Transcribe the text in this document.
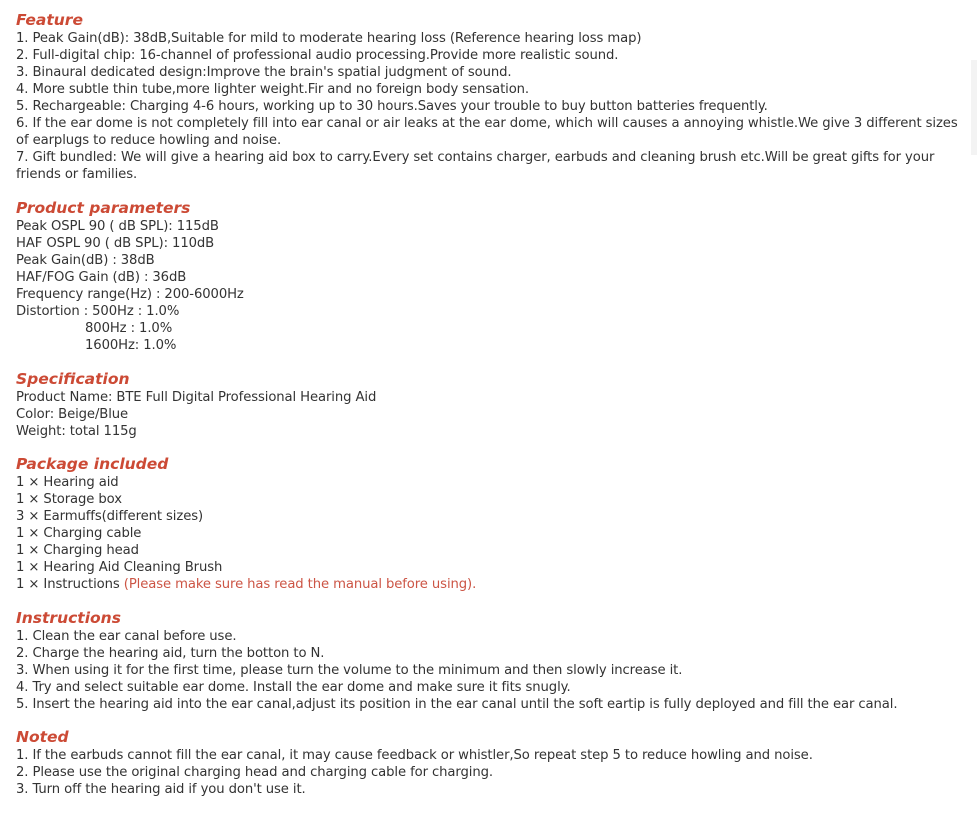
Feature
1. Peak Gain(dB): 38dB,Suitable for mild to moderate hearing loss (Reference hearing loss map)
2. Full-digital chip: 16-channel of professional audio processing.Provide more realistic sound.
3. Binaural dedicated design:Improve the brain's spatial judgment of sound.
4. More subtle thin tube,more lighter weight.Fir and no foreign body sensation.
5. Rechargeable: Charging 4-6 hours, working up to 30 hours.Saves your trouble to buy button batteries frequently.
6. If the ear dome is not completely fill into ear canal or air leaks at the ear dome, which will causes a annoying whistle.We give 3 different sizes
of earplugs to reduce howling and noise.
7. Gift bundled: We will give a hearing aid box to carry.Every set contains charger, earbuds and cleaning brush etc.Will be great gifts for your
friends or families.
Product parameters
Peak OSPL 90 ( dB SPL): 115dB
HAF OSPL 90 ( dB SPL): 110dB
Peak Gain(dB) : 38dB
HAF/FOG Gain (dB) : 36dB
Frequency range(Hz) : 200-6000Hz
Distortion : 500Hz : 1.0%
800Hz : 1.0%
1600Hz: 1.0%
Specification
Product Name: BTE Full Digital Professional Hearing Aid
Color: Beige/Blue
Weight: total 115g
Package included
1 × Hearing aid
1 × Storage box
3 × Earmuffs(different sizes)
1 × Charging cable
1 × Charging head
1 × Hearing Aid Cleaning Brush
1 × Instructions (Please make sure has read the manual before using).
Instructions
1. Clean the ear canal before use.
2. Charge the hearing aid, turn the botton to N.
3. When using it for the first time, please turn the volume to the minimum and then slowly increase it.
4. Try and select suitable ear dome. Install the ear dome and make sure it fits snugly.
5. Insert the hearing aid into the ear canal,adjust its position in the ear canal until the soft eartip is fully deployed and fill the ear canal.
Noted
1. If the earbuds cannot fill the ear canal, it may cause feedback or whistler,So repeat step 5 to reduce howling and noise.
2. Please use the original charging head and charging cable for charging.
3. Turn off the hearing aid if you don't use it.
